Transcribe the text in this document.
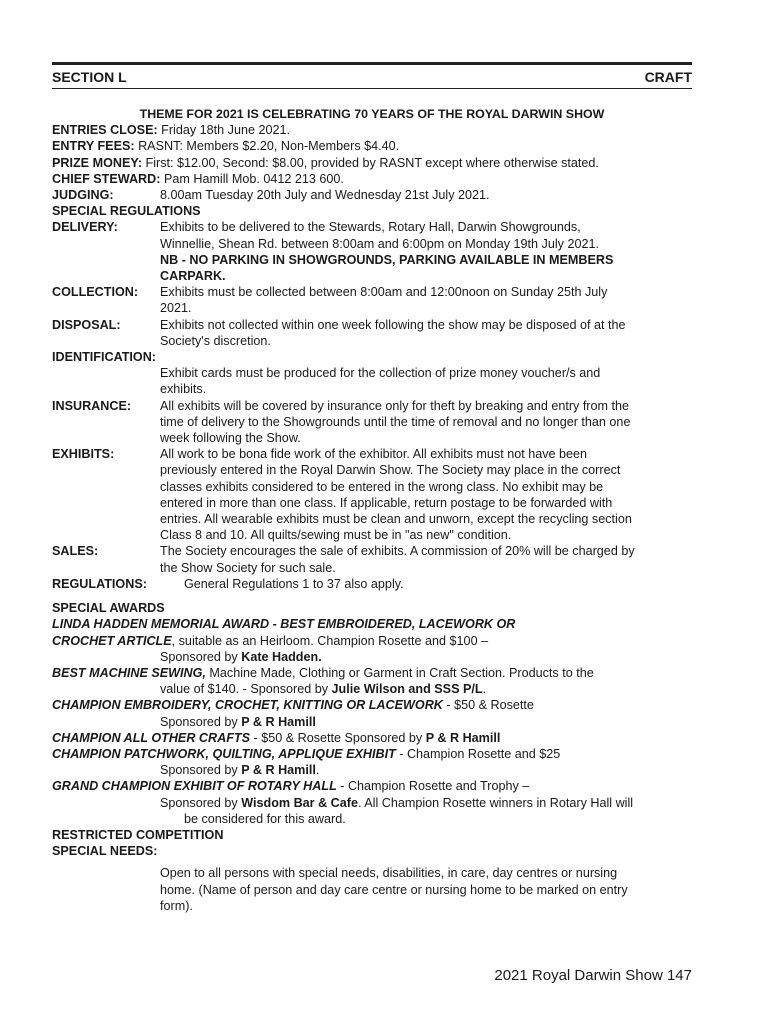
SECTION L	CRAFT
THEME FOR 2021 IS CELEBRATING 70 YEARS OF THE ROYAL DARWIN SHOW
ENTRIES CLOSE: Friday 18th June 2021.
ENTRY FEES: RASNT: Members $2.20, Non-Members $4.40.
PRIZE MONEY: First: $12.00, Second: $8.00, provided by RASNT except where otherwise stated.
CHIEF STEWARD: Pam Hamill Mob. 0412 213 600.
JUDGING:	8.00am Tuesday 20th July and Wednesday 21st July 2021.
SPECIAL REGULATIONS
DELIVERY:	Exhibits to be delivered to the Stewards, Rotary Hall, Darwin Showgrounds,
Winnellie, Shean Rd. between 8:00am and 6:00pm on Monday 19th July 2021.
NB - NO PARKING IN SHOWGROUNDS, PARKING AVAILABLE IN MEMBERS
CARPARK.
COLLECTION: Exhibits must be collected between 8:00am and 12:00noon on Sunday 25th July
2021.
DISPOSAL:	Exhibits not collected within one week following the show may be disposed of at the
Society's discretion.
IDENTIFICATION:
Exhibit cards must be produced for the collection of prize money voucher/s and
exhibits.
INSURANCE: All exhibits will be covered by insurance only for theft by breaking and entry from the
time of delivery to the Showgrounds until the time of removal and no longer than one
week following the Show.
EXHIBITS:	All work to be bona fide work of the exhibitor. All exhibits must not have been
previously entered in the Royal Darwin Show. The Society may place in the correct
classes exhibits considered to be entered in the wrong class. No exhibit may be
entered in more than one class. If applicable, return postage to be forwarded with
entries. All wearable exhibits must be clean and unworn, except the recycling section
Class 8 and 10. All quilts/sewing must be in "as new" condition.
SALES:	The Society encourages the sale of exhibits. A commission of 20% will be charged by
the Show Society for such sale.
REGULATIONS:	General Regulations 1 to 37 also apply.
SPECIAL AWARDS
LINDA HADDEN MEMORIAL AWARD - BEST EMBROIDERED, LACEWORK OR
CROCHET ARTICLE, suitable as an Heirloom. Champion Rosette and $100 –
Sponsored by Kate Hadden.
BEST MACHINE SEWING, Machine Made, Clothing or Garment in Craft Section. Products to the
value of $140. - Sponsored by Julie Wilson and SSS P/L.
CHAMPION EMBROIDERY, CROCHET, KNITTING OR LACEWORK - $50 & Rosette
Sponsored by P & R Hamill
CHAMPION ALL OTHER CRAFTS - $50 & Rosette Sponsored by P & R Hamill
CHAMPION PATCHWORK, QUILTING, APPLIQUE EXHIBIT - Champion Rosette and $25
Sponsored by P & R Hamill.
GRAND CHAMPION EXHIBIT OF ROTARY HALL - Champion Rosette and Trophy –
Sponsored by Wisdom Bar & Cafe. All Champion Rosette winners in Rotary Hall will
be considered for this award.
RESTRICTED COMPETITION
SPECIAL NEEDS:
Open to all persons with special needs, disabilities, in care, day centres or nursing
home. (Name of person and day care centre or nursing home to be marked on entry
form).
2021 Royal Darwin Show 147
